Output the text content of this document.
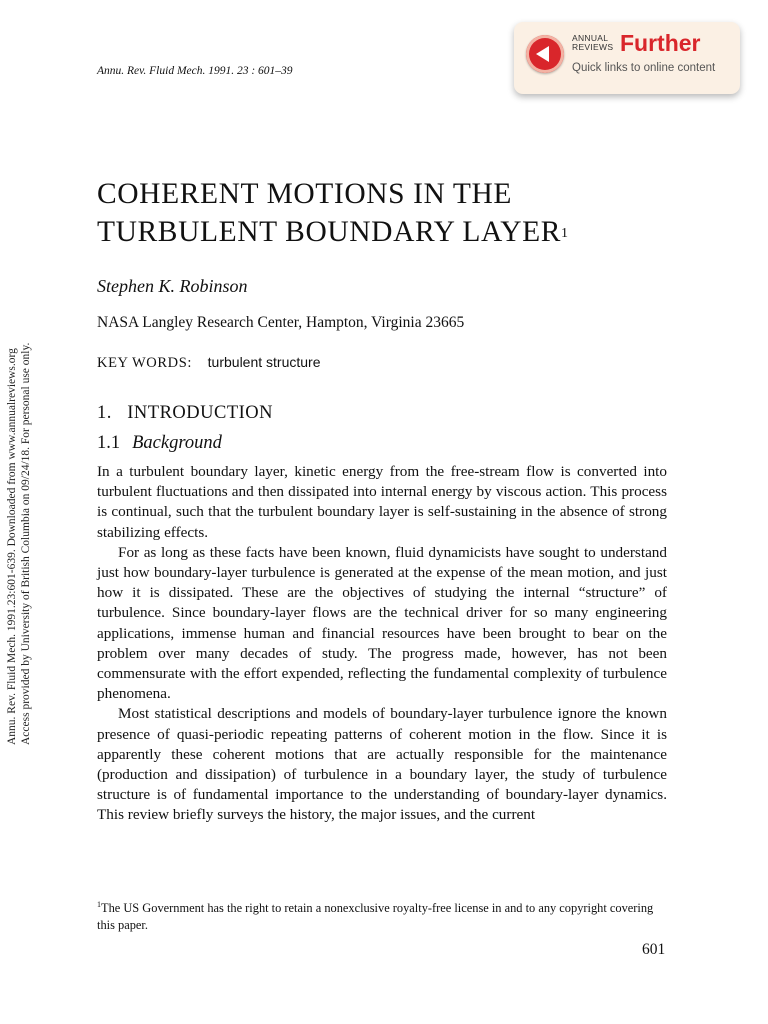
Annu. Rev. Fluid Mech. 1991. 23 : 601–39
ANNUAL
REVIEWS Further
Quick links to online content
Annu. Rev. Fluid Mech. 1991.23:601-639. Downloaded from www.annualreviews.org Access provided by University of British Columbia on 09/24/18. For personal use only.
COHERENT MOTIONS IN THE
TURBULENT BOUNDARY LAYER$^1$
Stephen K. Robinson
NASA Langley Research Center, Hampton, Virginia 23665
KEY WORDS: turbulent structure
1.   INTRODUCTION
1.1 Background

In a turbulent boundary layer, kinetic energy from the free-stream flow is converted into turbulent fluctuations and then dissipated into internal energy by viscous action. This process is continual, such that the turbulent boundary layer is self-sustaining in the absence of strong stabilizing effects.

For as long as these facts have been known, fluid dynamicists have sought to understand just how boundary-layer turbulence is generated at the expense of the mean motion, and just how it is dissipated. These are the objectives of studying the internal “structure” of turbulence. Since boundary-layer flows are the technical driver for so many engineering applications, immense human and financial resources have been brought to bear on the problem over many decades of study. The progress made, however, has not been commensurate with the effort expended, reflecting the fundamental complexity of turbulence phenomena.

Most statistical descriptions and models of boundary-layer turbulence ignore the known presence of quasi-periodic repeating patterns of coherent motion in the flow. Since it is apparently these coherent motions that are actually responsible for the maintenance (production and dissipation) of turbulence in a boundary layer, the study of turbulence structure is of fundamental importance to the understanding of boundary-layer dynamics. This review briefly surveys the history, the major issues, and the current

$^1$The US Government has the right to retain a nonexclusive royalty-free license in and to any copyright covering this paper.
601
